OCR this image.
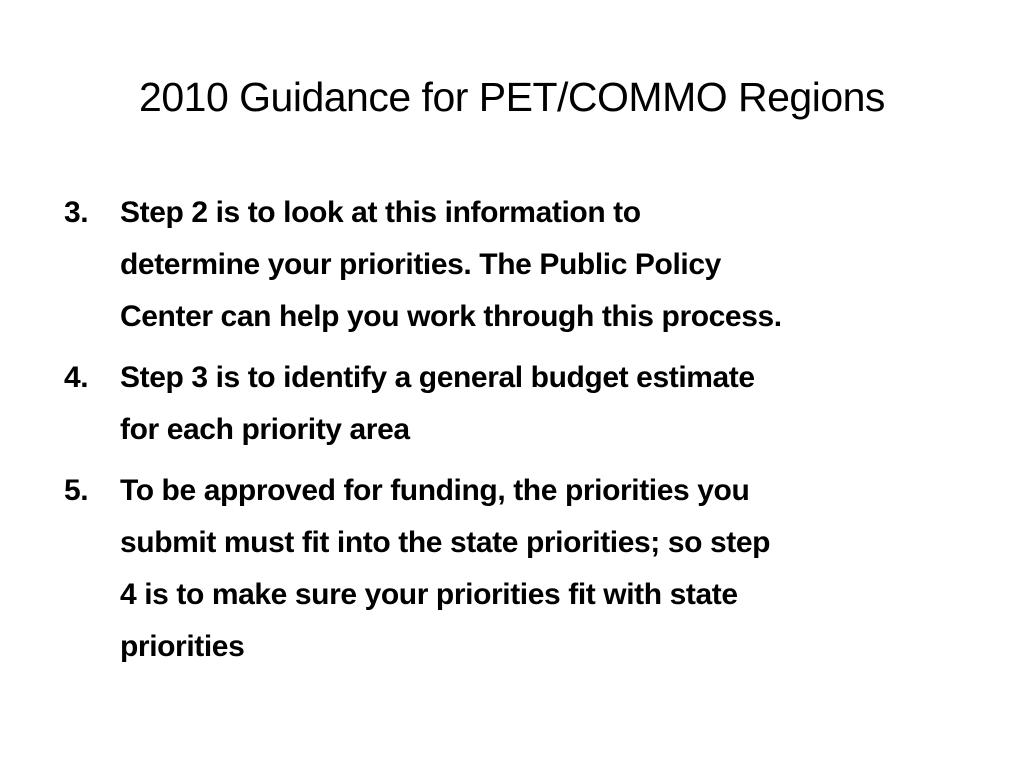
2010 Guidance for PET/COMMO Regions
3.	Step 2 is to look at this information to
determine your priorities. The Public Policy
Center can help you work through this process.
4.	Step 3 is to identify a general budget estimate
for each priority area
5.	To be approved for funding, the priorities you
submit must fit into the state priorities; so step
4 is to make sure your priorities fit with state
priorities
